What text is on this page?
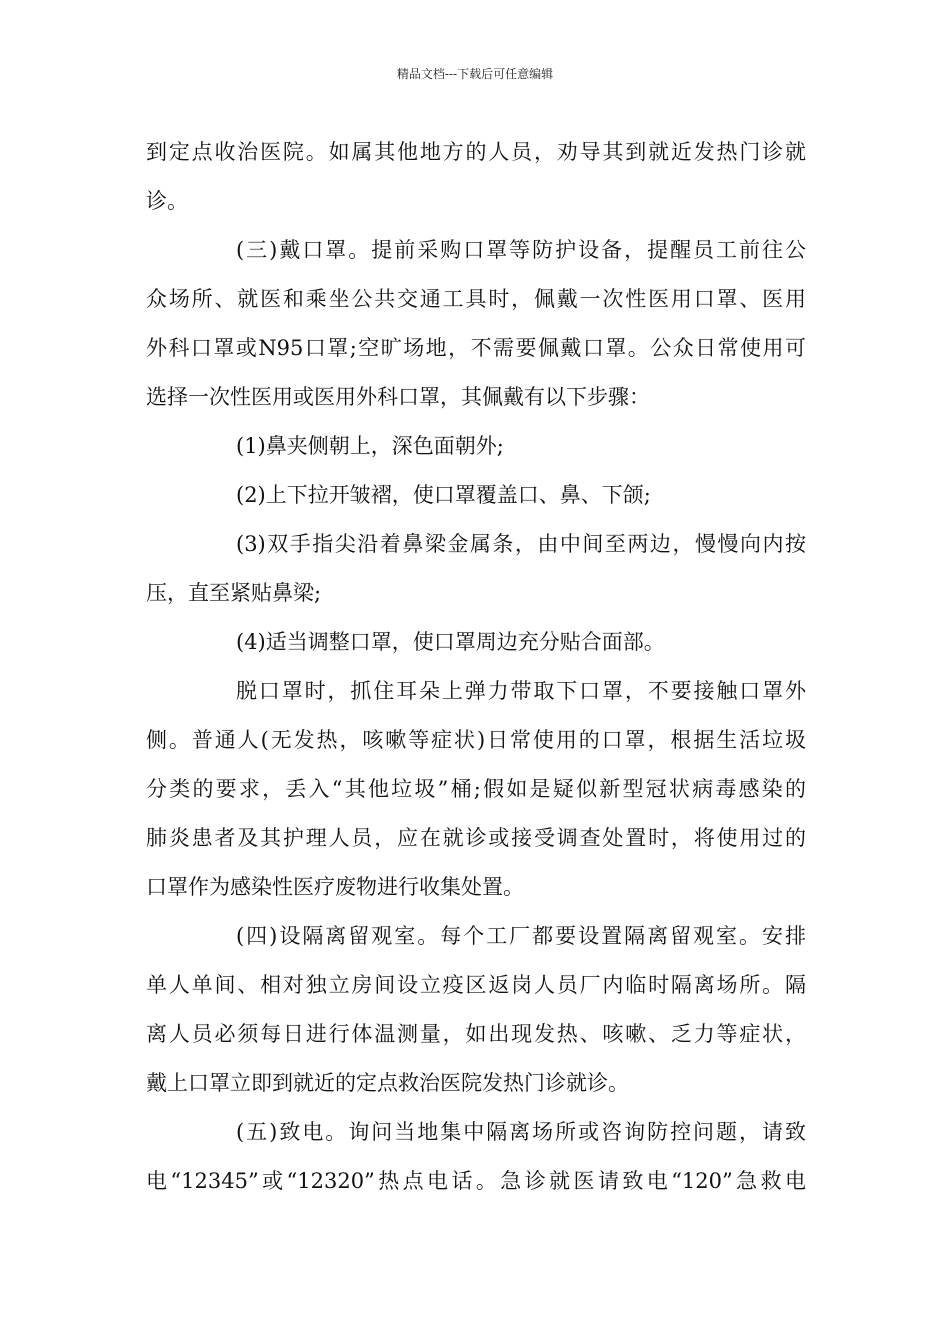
精品文档---下载后可任意编辑
到定点收治医院。如属其他地方的人员，劝导其到就近发热门诊就
诊。
(三)戴口罩。提前采购口罩等防护设备，提醒员工前往公
众场所、就医和乘坐公共交通工具时，佩戴一次性医用口罩、医用
外科口罩或N95口罩;空旷场地，不需要佩戴口罩。公众日常使用可
选择一次性医用或医用外科口罩，其佩戴有以下步骤：
(1)鼻夹侧朝上，深色面朝外;
(2)上下拉开皱褶，使口罩覆盖口、鼻、下颌;
(3)双手指尖沿着鼻梁金属条，由中间至两边，慢慢向内按
压，直至紧贴鼻梁;
(4)适当调整口罩，使口罩周边充分贴合面部。
脱口罩时，抓住耳朵上弹力带取下口罩，不要接触口罩外
侧。普通人(无发热，咳嗽等症状)日常使用的口罩，根据生活垃圾
分类的要求，丢入“其他垃圾”桶;假如是疑似新型冠状病毒感染的
肺炎患者及其护理人员，应在就诊或接受调查处置时，将使用过的
口罩作为感染性医疗废物进行收集处置。
(四)设隔离留观室。每个工厂都要设置隔离留观室。安排
单人单间、相对独立房间设立疫区返岗人员厂内临时隔离场所。隔
离人员必须每日进行体温测量，如出现发热、咳嗽、乏力等症状，
戴上口罩立即到就近的定点救治医院发热门诊就诊。
(五)致电。询问当地集中隔离场所或咨询防控问题，请致
电“12345”或“12320”热点电话。急诊就医请致电“120”急救电
